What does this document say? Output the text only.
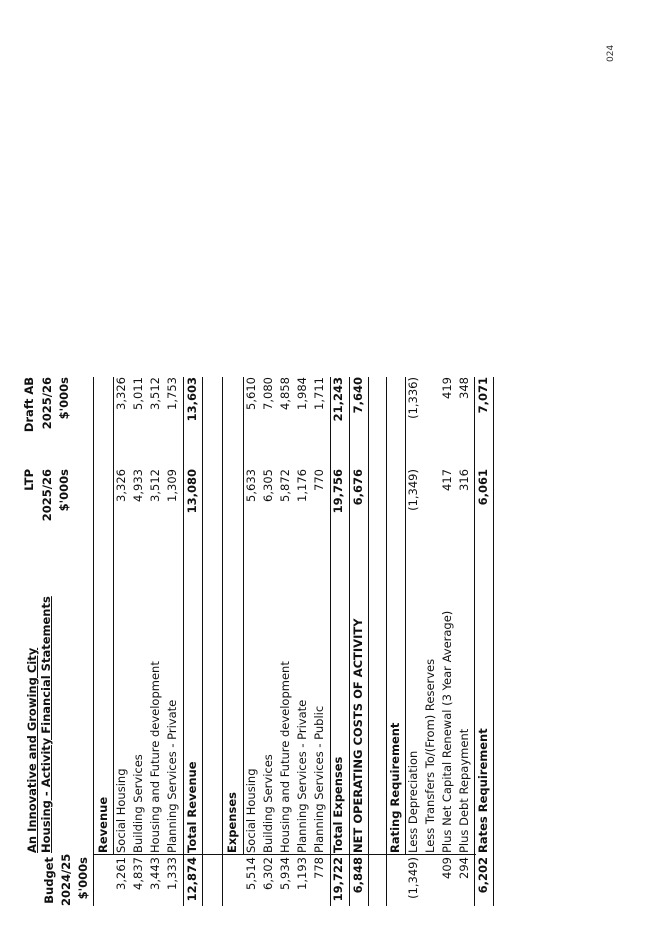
024
An Innovative and Growing City Housing - Activity Financial Statements
Budget 2024/25 $'000s
LTP 2025/26 $'000s
Draft AB 2025/26 $'000s
Revenue
3,261
Social Housing
3,326
3,326
4,837
Building Services
4,933
5,011
3,443
Housing and Future development
3,512
3,512
1,333
Planning Services - Private
1,309
1,753
12,874
Total Revenue
13,080
13,603
Expenses
5,514
Social Housing
5,633
5,610
6,302
Building Services
6,305
7,080
5,934
Housing and Future development
5,872
4,858
1,193
Planning Services - Private
1,176
1,984
778
Planning Services - Public
770
1,711
19,722
Total Expenses
19,756
21,243
6,848
NET OPERATING COSTS OF ACTIVITY
6,676
7,640
Rating Requirement
(1,349)
Less Depreciation
(1,349)
(1,336)
Less Transfers To/(From) Reserves
409
Plus Net Capital Renewal (3 Year Average)
417
419
294
Plus Debt Repayment
316
348
6,202
Rates Requirement
6,061
7,071
